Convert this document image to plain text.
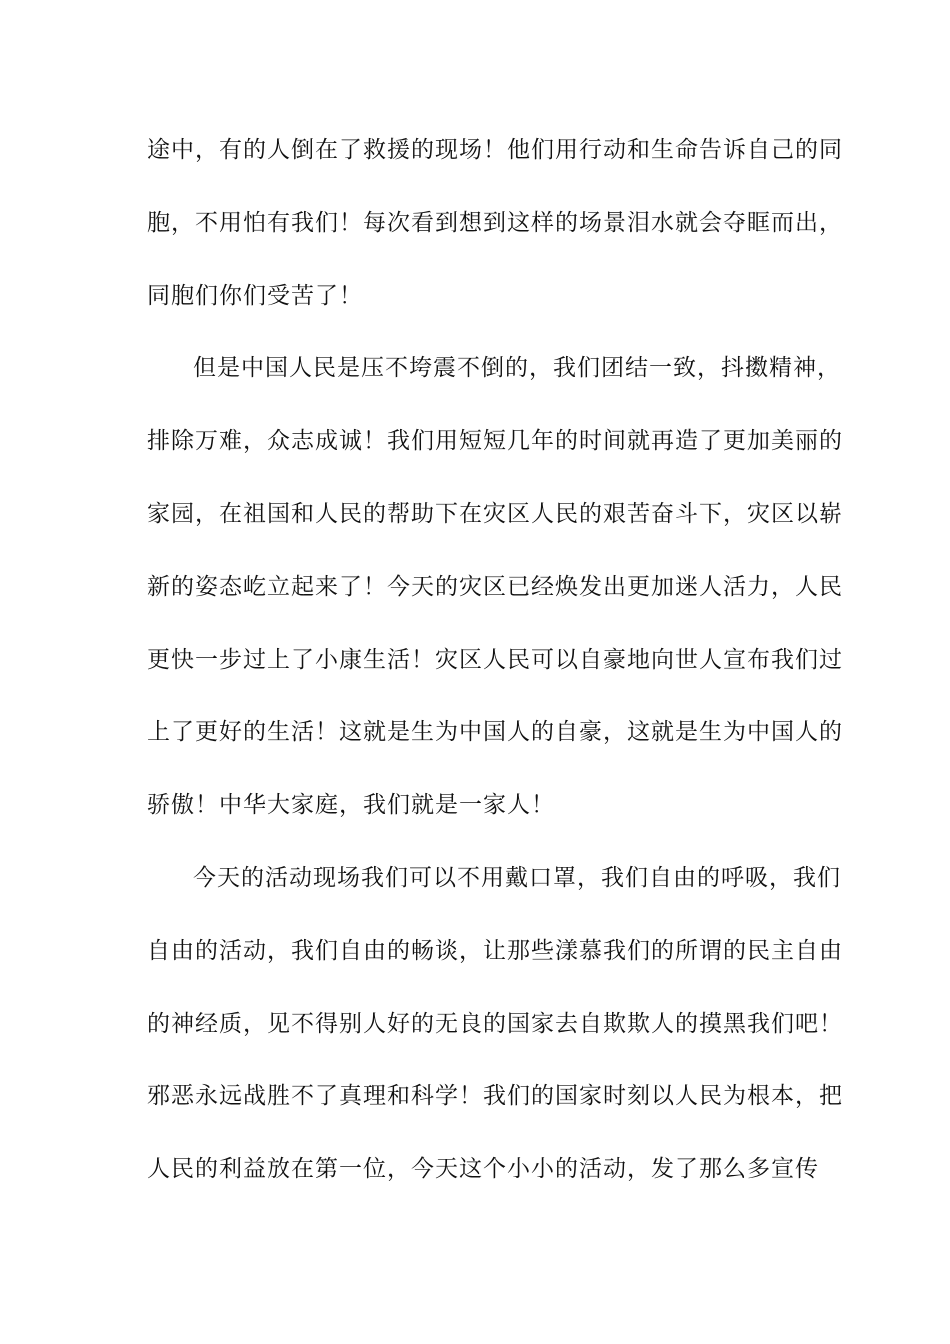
途中，有的人倒在了救援的现场！他们用行动和生命告诉自己的同
胞，不用怕有我们！每次看到想到这样的场景泪水就会夺眶而出，
同胞们你们受苦了！
但是中国人民是压不垮震不倒的，我们团结一致，抖擞精神，
排除万难，众志成诚！我们用短短几年的时间就再造了更加美丽的
家园，在祖国和人民的帮助下在灾区人民的艰苦奋斗下，灾区以崭
新的姿态屹立起来了！今天的灾区已经焕发出更加迷人活力，人民
更快一步过上了小康生活！灾区人民可以自豪地向世人宣布我们过
上了更好的生活！这就是生为中国人的自豪，这就是生为中国人的
骄傲！中华大家庭，我们就是一家人！
今天的活动现场我们可以不用戴口罩，我们自由的呼吸，我们
自由的活动，我们自由的畅谈，让那些漾慕我们的所谓的民主自由
的神经质，见不得别人好的无良的国家去自欺欺人的摸黑我们吧！
邪恶永远战胜不了真理和科学！我们的国家时刻以人民为根本，把
人民的利益放在第一位，今天这个小小的活动，发了那么多宣传
